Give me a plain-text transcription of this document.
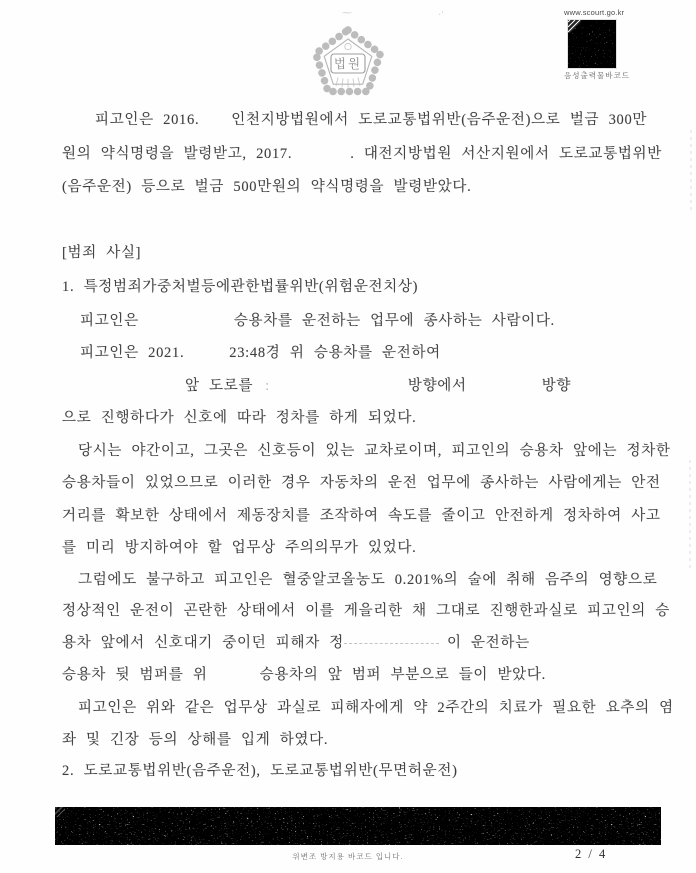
⁓	·′
법원
www.scourt.go.kr
음성출력물바코드
피고인은 2016. 인천지방법원에서 도로교통법위반(음주운전)으로 벌금 300만
원의 약식명령을 발령받고, 2017.	. 대전지방법원 서산지원에서 도로교통법위반
(음주운전) 등으로 벌금 500만원의 약식명령을 발령받았다.
[범죄 사실]
1. 특정범죄가중처벌등에관한법률위반(위험운전치상)
피고인은	승용차를 운전하는 업무에 종사하는 사람이다.
피고인은 2021.	23:48경 위 승용차를 운전하여
앞 도로를 :	방향에서	방향
으로 진행하다가 신호에 따라 정차를 하게 되었다.
당시는 야간이고, 그곳은 신호등이 있는 교차로이며, 피고인의 승용차 앞에는 정차한
승용차들이 있었으므로 이러한 경우 자동차의 운전 업무에 종사하는 사람에게는 안전
거리를 확보한 상태에서 제동장치를 조작하여 속도를 줄이고 안전하게 정차하여 사고
를 미리 방지하여야 할 업무상 주의의무가 있었다.
그럼에도 불구하고 피고인은 혈중알코올농도 0.201%의 술에 취해 음주의 영향으로
정상적인 운전이 곤란한 상태에서 이를 게을리한 채 그대로 진행한과실로 피고인의 승
용차 앞에서 신호대기 중이던 피해자 정	이 운전하는
승용차 뒷 범퍼를 위	승용차의 앞 범퍼 부분으로 들이 받았다.
피고인은 위와 같은 업무상 과실로 피해자에게 약 2주간의 치료가 필요한 요추의 염
좌 및 긴장 등의 상해를 입게 하였다.
2. 도로교통법위반(음주운전), 도로교통법위반(무면허운전)
위변조 방지용 바코드 입니다.	2 / 4
